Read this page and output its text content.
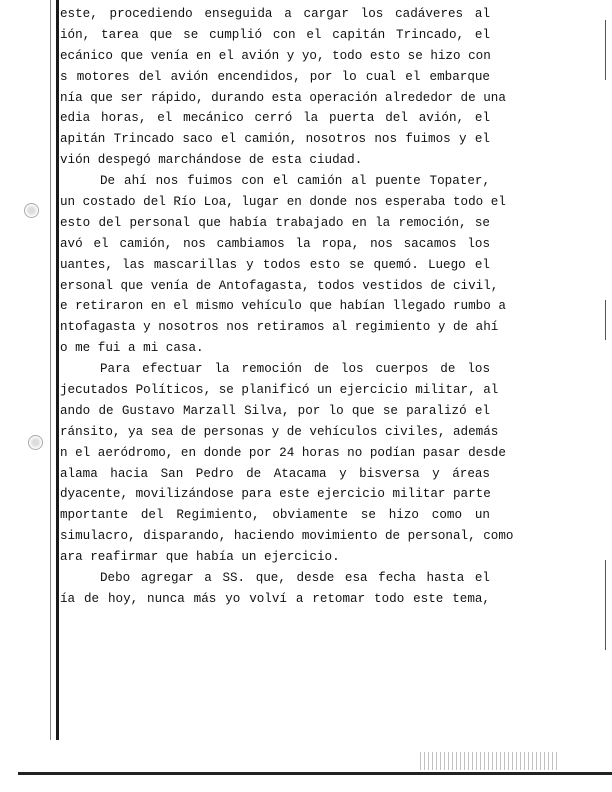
este, procediendo enseguida a cargar los cadáveres al
ión, tarea que se cumplió con el capitán Trincado, el
ecánico que venía en el avión y yo, todo esto se hizo con
s motores del avión encendidos, por lo cual el embarque
nía que ser rápido, durando esta operación alrededor de una
edia horas, el mecánico cerró la puerta del avión, el
apitán Trincado saco el camión, nosotros nos fuimos y el
vión despegó marchándose de esta ciudad.
De ahí nos fuimos con el camión al puente Topater,
un costado del Río Loa, lugar en donde nos esperaba todo el
esto del personal que había trabajado en la remoción, se
avó el camión, nos cambiamos la ropa, nos sacamos los
uantes, las mascarillas y todos esto se quemó. Luego el
ersonal que venía de Antofagasta, todos vestidos de civil,
e retiraron en el mismo vehículo que habían llegado rumbo a
ntofagasta y nosotros nos retiramos al regimiento y de ahí
o me fui a mi casa.
Para efectuar la remoción de los cuerpos de los
jecutados Políticos, se planificó un ejercicio militar, al
ando de Gustavo Marzall Silva, por lo que se paralizó el
ránsito, ya sea de personas y de vehículos civiles, además
n el aeródromo, en donde por 24 horas no podían pasar desde
alama hacia San Pedro de Atacama y bisversa y áreas
dyacente, movilizándose para este ejercicio militar parte
mportante del Regimiento, obviamente se hizo como un
simulacro, disparando, haciendo movimiento de personal, como
ara reafirmar que había un ejercicio.
Debo agregar a SS. que, desde esa fecha hasta el
ía de hoy, nunca más yo volví a retomar todo este tema,
